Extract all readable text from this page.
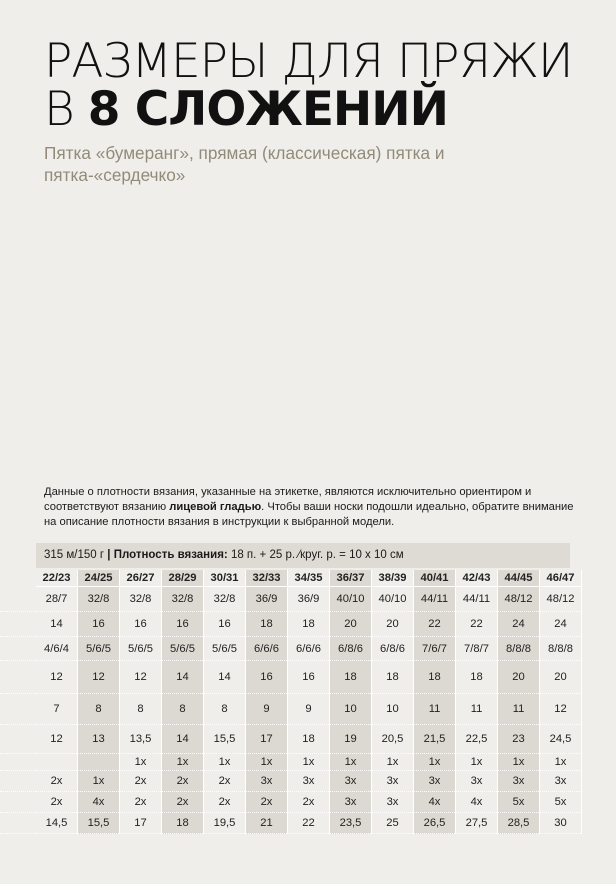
РАЗМЕРЫ ДЛЯ ПРЯЖИ
В 8 СЛОЖЕНИЙ
Пятка «бумеранг», прямая (классическая) пятка и пятка-«сердечко»
Данные о плотности вязания, указанные на этикетке, являются исключительно ориентиром и соответствуют вязанию лицевой гладью. Чтобы ваши носки подошли идеально, обратите внимание на описание плотности вязания в инструкции к выбранной модели.
315 м/150 г | Плотность вязания: 18 п. + 25 р. ⁄круг. р. = 10 х 10 см
22/23	24/25	26/27	28/29	30/31	32/33	34/35	36/37	38/39	40/41	42/43	44/45	46/47
28/7	32/8	32/8	32/8	32/8	36/9	36/9	40/10	40/10	44/11	44/11	48/12	48/12
14	16	16	16	16	18	18	20	20	22	22	24	24
4/6/4	5/6/5	5/6/5	5/6/5	5/6/5	6/6/6	6/6/6	6/8/6	6/8/6	7/6/7	7/8/7	8/8/8	8/8/8
12	12	12	14	14	16	16	18	18	18	18	20	20
7	8	8	8	8	9	9	10	10	11	11	11	12
12	13	13,5	14	15,5	17	18	19	20,5	21,5	22,5	23	24,5
		1x	1x	1x	1x	1x	1x	1x	1x	1x	1x	1x
2x	1x	2x	2x	2x	3x	3x	3x	3x	3x	3x	3x	3x
2x	4x	2x	2x	2x	2x	2x	3x	3x	4x	4x	5x	5x
14,5	15,5	17	18	19,5	21	22	23,5	25	26,5	27,5	28,5	30
